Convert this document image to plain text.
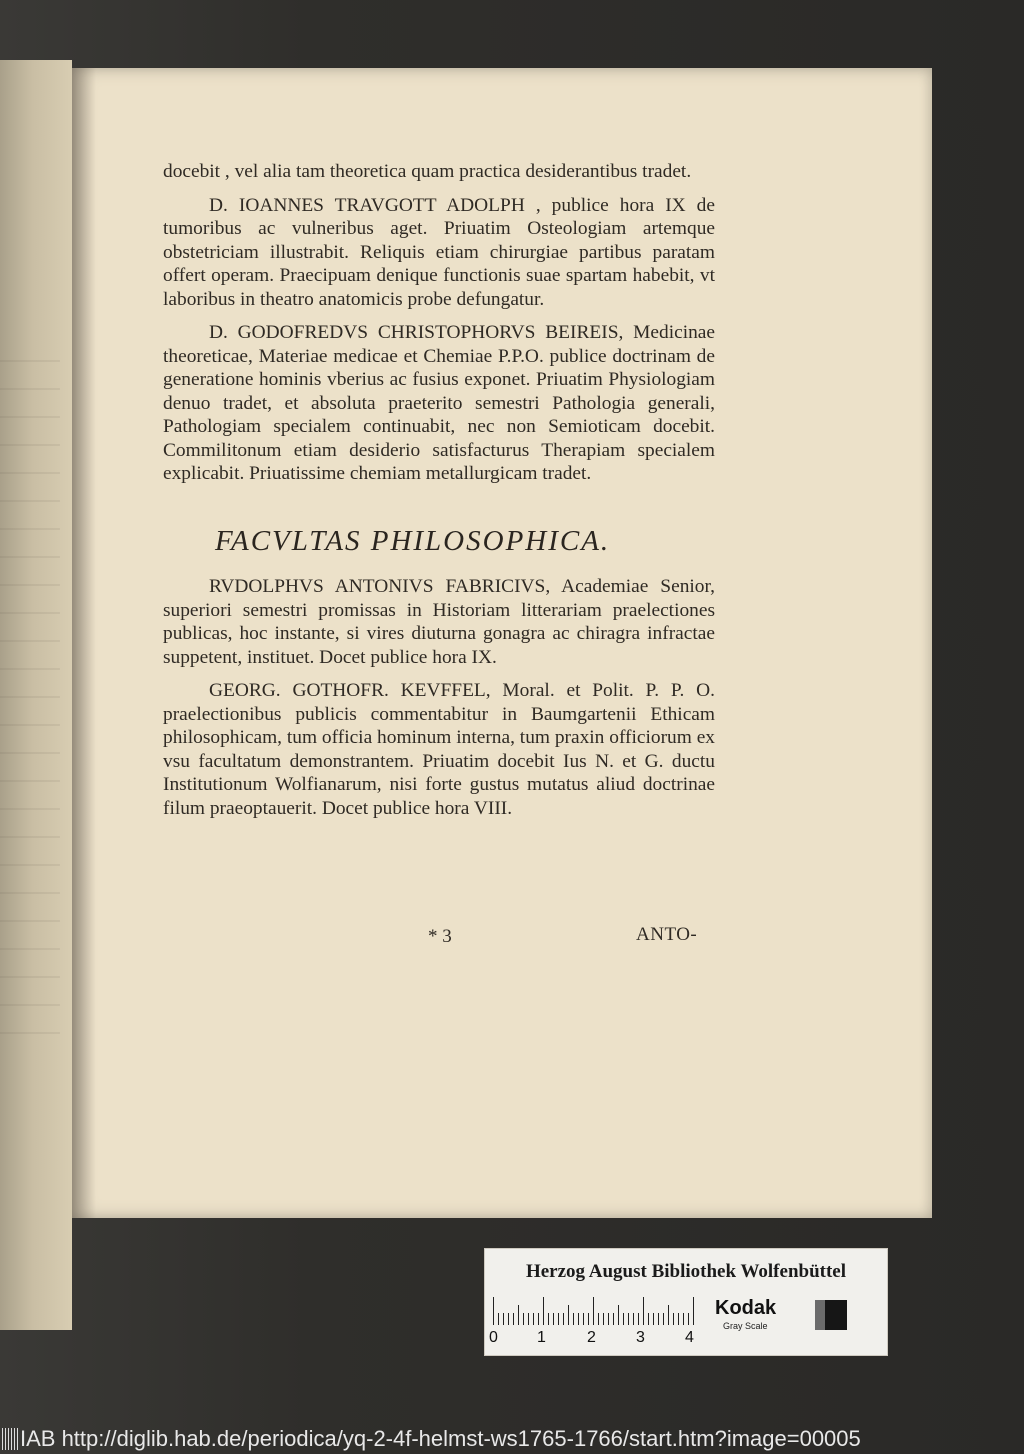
docebit , vel alia tam theoretica quam practica desiderantibus tradet.

D. IOANNES TRAVGOTT ADOLPH , publice hora IX de tumoribus ac vulneribus aget. Priuatim Osteologiam artemque obstetriciam illustrabit. Reliquis etiam chirurgiae partibus paratam offert operam. Praecipuam denique functionis suae spartam habebit, vt laboribus in theatro anatomicis probe defungatur.

D. GODOFREDVS CHRISTOPHORVS BEIREIS, Medicinae theoreticae, Materiae medicae et Chemiae P.P.O. publice doctrinam de generatione hominis vberius ac fusius exponet. Priuatim Physiologiam denuo tradet, et absoluta praeterito semestri Pathologia generali, Pathologiam specialem continuabit, nec non Semioticam docebit. Commilitonum etiam desiderio satisfacturus Therapiam specialem explicabit. Priuatissime chemiam metallurgicam tradet.

FACVLTAS PHILOSOPHICA.

RVDOLPHVS ANTONIVS FABRICIVS, Academiae Senior, superiori semestri promissas in Historiam litterariam praelectiones publicas, hoc instante, si vires diuturna gonagra ac chiragra infractae suppetent, instituet. Docet publice hora IX.

GEORG. GOTHOFR. KEVFFEL, Moral. et Polit. P. P. O. praelectionibus publicis commentabitur in Baumgartenii Ethicam philosophicam, tum officia hominum interna, tum praxin officiorum ex vsu facultatum demonstrantem. Priuatim docebit Ius N. et G. ductu Institutionum Wolfianarum, nisi forte gustus mutatus aliud doctrinae filum praeoptauerit. Docet publice hora VIII.

* 3	ANTO-
Herzog August Bibliothek Wolfenbüttel
0 1	2	3	4
Kodak
Gray Scale
IAB http://diglib.hab.de/periodica/yq-2-4f-helmst-ws1765-1766/start.htm?image=00005
